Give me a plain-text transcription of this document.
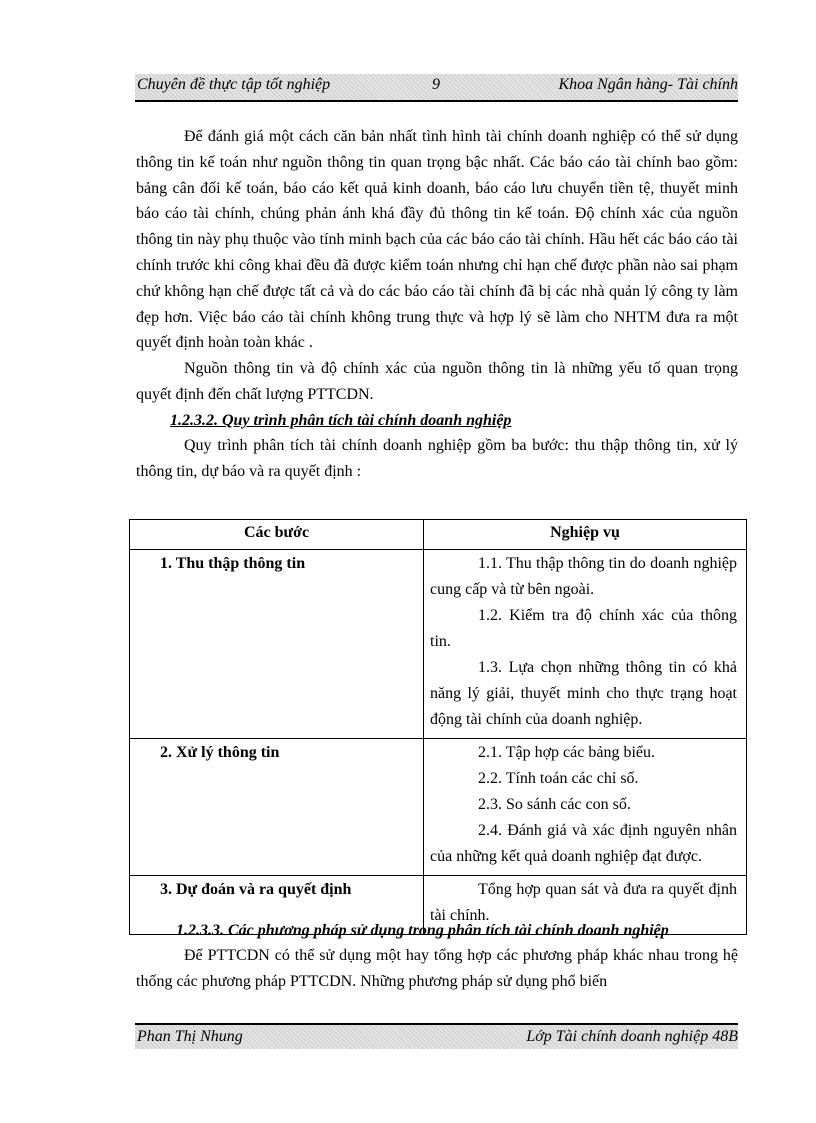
Chuyên đề thực tập tốt nghiệp	9	Khoa Ngân hàng- Tài chính

Để đánh giá một cách căn bản nhất tình hình tài chính doanh nghiệp có thể sử dụng thông tin kế toán như nguồn thông tin quan trọng bậc nhất. Các báo cáo tài chính bao gồm: bảng cân đối kế toán, báo cáo kết quả kinh doanh, báo cáo lưu chuyển tiền tệ, thuyết minh báo cáo tài chính, chúng phản ánh khá đầy đủ thông tin kế toán. Độ chính xác của nguồn thông tin này phụ thuộc vào tính minh bạch của các báo cáo tài chính. Hầu hết các báo cáo tài chính trước khi công khai đều đã được kiểm toán nhưng chỉ hạn chế được phần nào sai phạm chứ không hạn chế được tất cả và do các báo cáo tài chính đã bị các nhà quản lý công ty làm đẹp hơn. Việc báo cáo tài chính không trung thực và hợp lý sẽ làm cho NHTM đưa ra một quyết định hoàn toàn khác .

Nguồn thông tin và độ chính xác của nguồn thông tin là những yếu tố quan trọng quyết định đến chất lượng PTTCDN.

1.2.3.2. Quy trình phân tích tài chính doanh nghiệp

Quy trình phân tích tài chính doanh nghiệp gồm ba bước: thu thập thông tin, xử lý thông tin, dự báo và ra quyết định :

Các bước	Nghiệp vụ
1. Thu thập thông tin	1.1. Thu thập thông tin do doanh nghiệp cung cấp và từ bên ngoài.

1.2. Kiểm tra độ chính xác của thông tin.

1.3. Lựa chọn những thông tin có khả năng lý giải, thuyết minh cho thực trạng hoạt động tài chính của doanh nghiệp.

2. Xử lý thông tin	2.1. Tập hợp các bảng biểu.

2.2. Tính toán các chỉ số.

2.3. So sánh các con số.

2.4. Đánh giá và xác định nguyên nhân của những kết quả doanh nghiệp đạt được.

3. Dự đoán và ra quyết định	Tổng hợp quan sát và đưa ra quyết định tài chính.

1.2.3.3. Các phương pháp sử dụng trong phân tích tài chính doanh nghiệp

Để PTTCDN có thể sử dụng một hay tổng hợp các phương pháp khác nhau trong hệ thống các phương pháp PTTCDN. Những phương pháp sử dụng phổ biến

Phan Thị Nhung	Lớp Tài chính doanh nghiệp 48B
